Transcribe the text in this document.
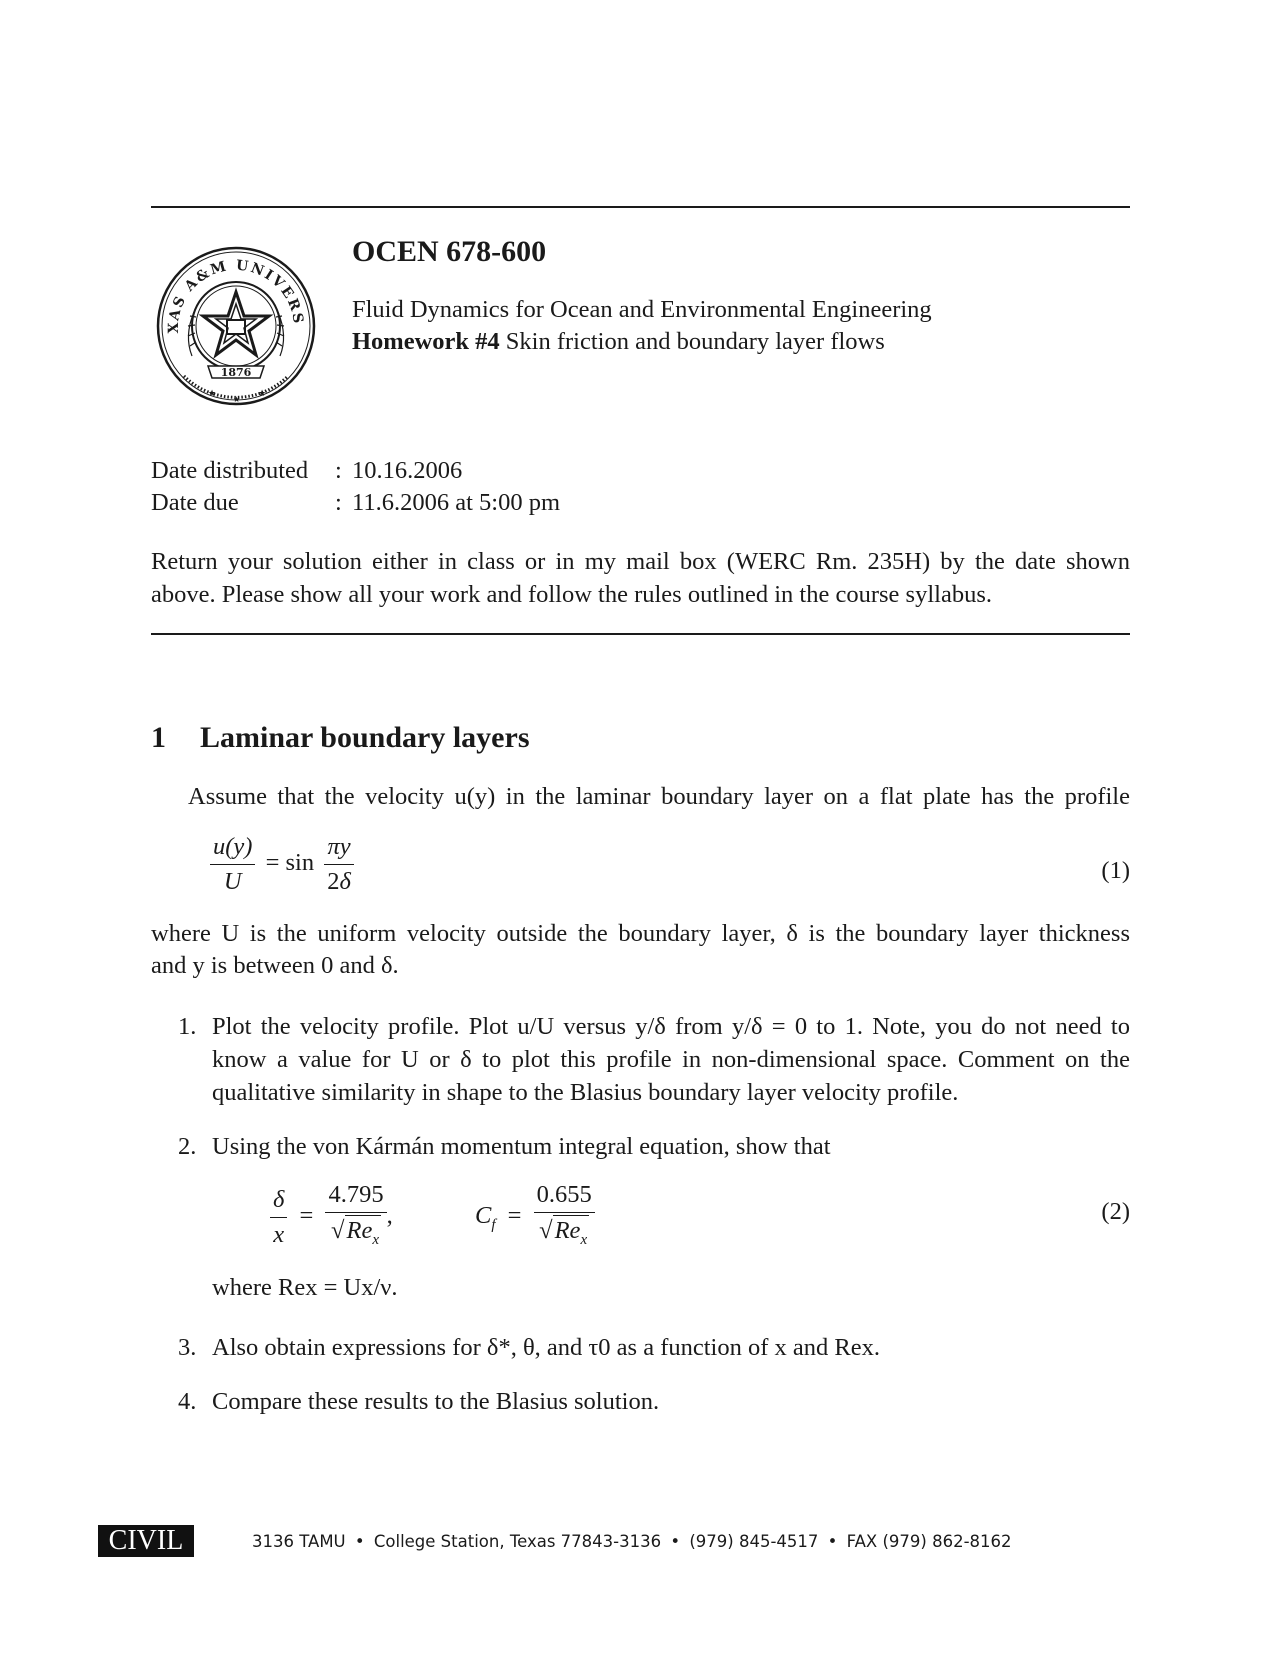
XAS A&M UNIVERS
1876
★	★
★
OCEN 678-600
Fluid Dynamics for Ocean and Environmental Engineering
Homework #4 Skin friction and boundary layer flows
Date distributed : 10.16.2006
Date due	: 11.6.2006 at 5:00 pm
Return your solution either in class or in my mail box (WERC Rm. 235H) by the date shown above. Please show all your work and follow the rules outlined in the course syllabus.
1 Laminar boundary layers
Assume that the velocity u(y) in the laminar boundary layer on a flat plate has the profile
$\frac{u(y)}{U} = \sin \frac{\pi y}{2\delta}$	(1)
where U is the uniform velocity outside the boundary layer, δ is the boundary layer thickness
and y is between 0 and δ.
1. Plot the velocity profile. Plot u/U versus y/δ from y/δ = 0 to 1. Note, you do not need to know a value for U or δ to plot this profile in non-dimensional space. Comment on the qualitative similarity in shape to the Blasius boundary layer velocity profile.
2. Using the von Kármán momentum integral equation, show that
$\frac{\delta}{x} = \frac{4.795}{√Re_x}$ ,	$C_f = \frac{0.655}{√Re_x}$	(2)
where Rex = Ux/ν.
3. Also obtain expressions for δ*, θ, and τ0 as a function of x and Rex.
4. Compare these results to the Blasius solution.
CIVIL	3136 TAMU • College Station, Texas 77843-3136 • (979) 845-4517 • FAX (979) 862-8162
